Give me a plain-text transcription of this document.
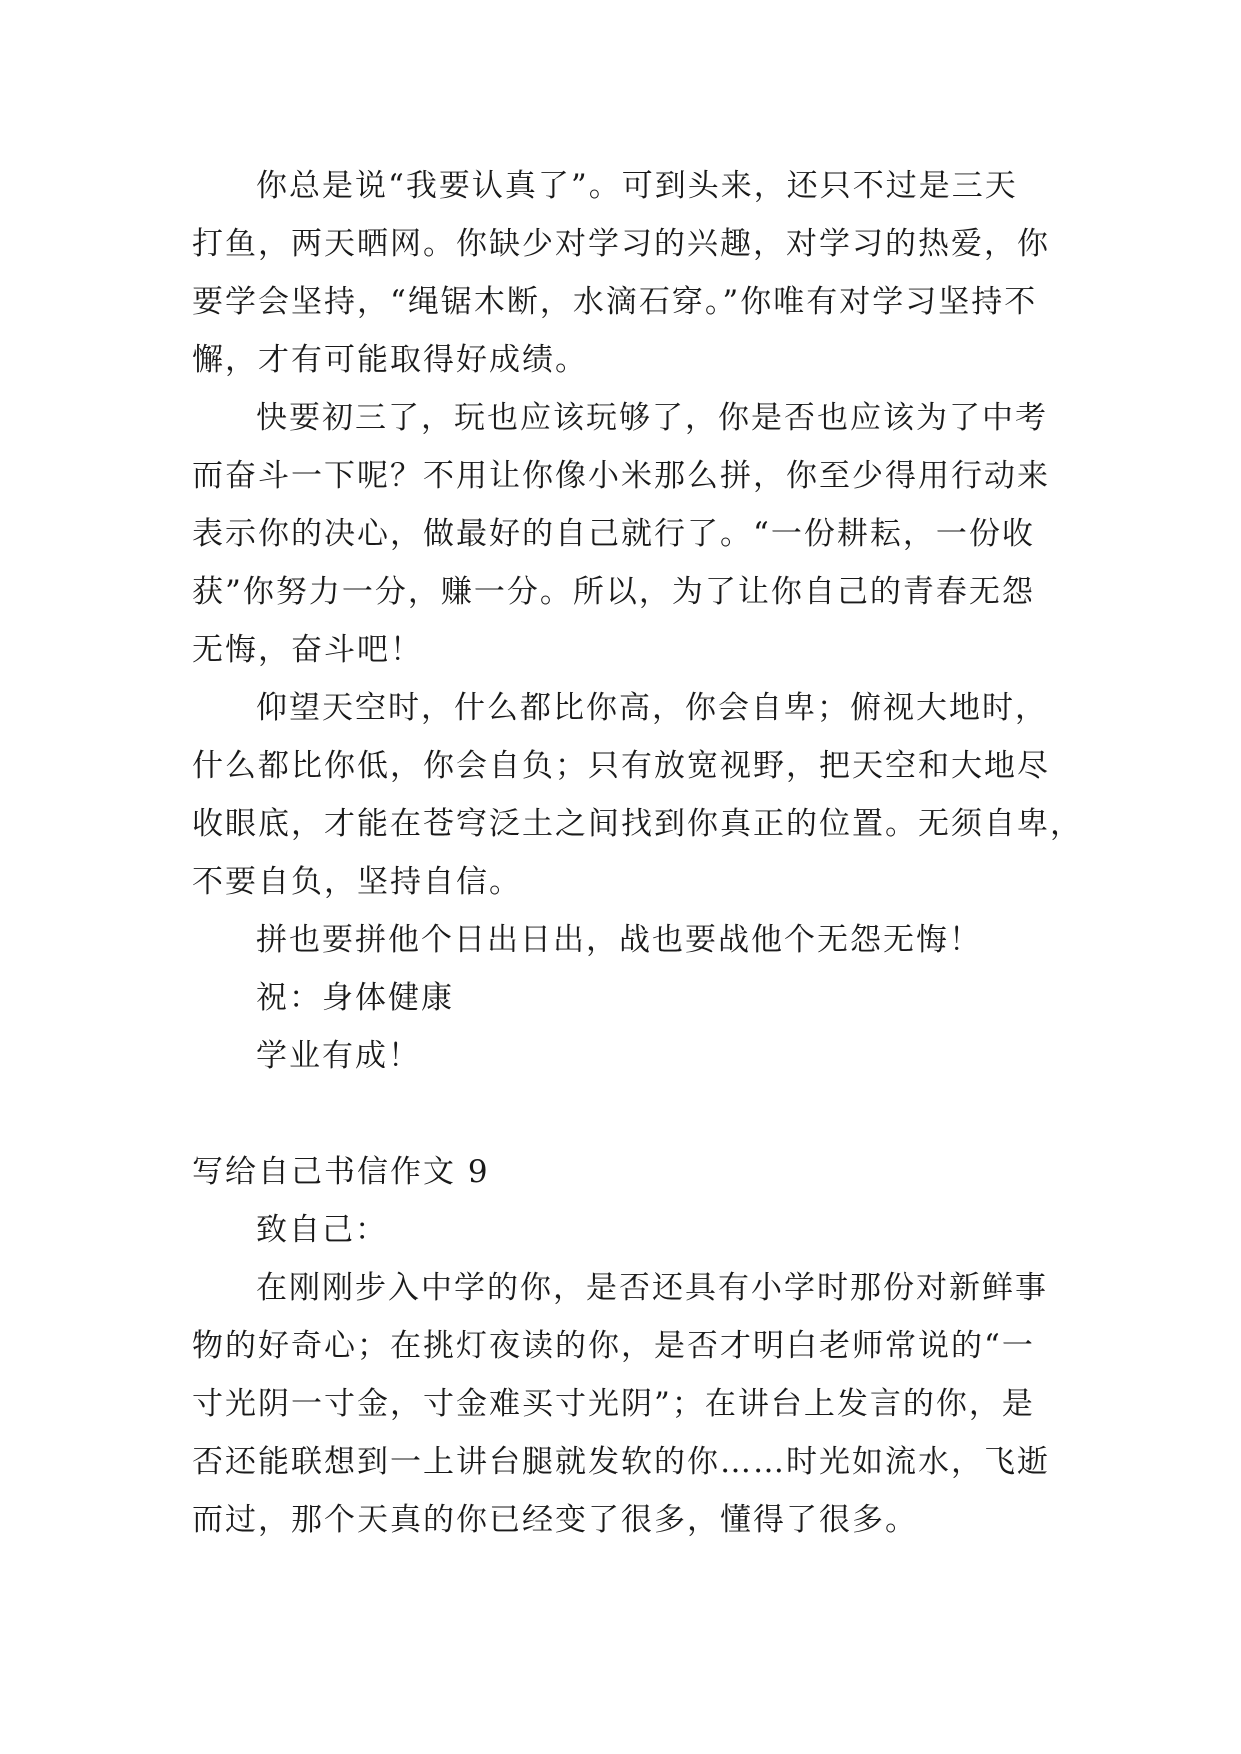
你总是说“我要认真了”。可到头来，还只不过是三天
打鱼，两天晒网。你缺少对学习的兴趣，对学习的热爱，你
要学会坚持，“绳锯木断，水滴石穿。”你唯有对学习坚持不
懈，才有可能取得好成绩。
快要初三了，玩也应该玩够了，你是否也应该为了中考
而奋斗一下呢？不用让你像小米那么拼，你至少得用行动来
表示你的决心，做最好的自己就行了。“一份耕耘，一份收
获”你努力一分，赚一分。所以，为了让你自己的青春无怨
无悔，奋斗吧！
仰望天空时，什么都比你高，你会自卑；俯视大地时，
什么都比你低，你会自负；只有放宽视野，把天空和大地尽
收眼底，才能在苍穹泛土之间找到你真正的位置。无须自卑，
不要自负，坚持自信。
拼也要拼他个日出日出，战也要战他个无怨无悔！
祝：身体健康
学业有成！
写给自己书信作文 9
致自己：
在刚刚步入中学的你，是否还具有小学时那份对新鲜事
物的好奇心；在挑灯夜读的你，是否才明白老师常说的“一
寸光阴一寸金，寸金难买寸光阴”；在讲台上发言的你，是
否还能联想到一上讲台腿就发软的你……时光如流水，飞逝
而过，那个天真的你已经变了很多，懂得了很多。
